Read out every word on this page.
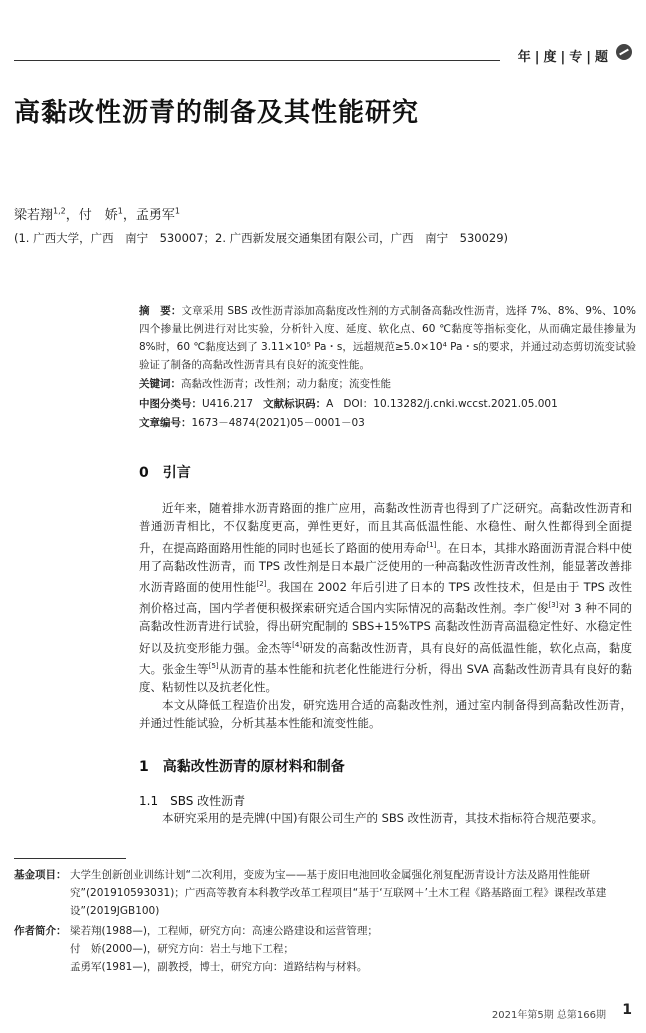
年 | 度 | 专 | 题
高黏改性沥青的制备及其性能研究
梁若翔$^{1,2}$，付　娇$^1$，孟勇军$^1$
(1. 广西大学，广西　南宁　530007；2. 广西新发展交通集团有限公司，广西　南宁　530029)
摘　要：文章采用 SBS 改性沥青添加高黏度改性剂的方式制备高黏改性沥青，选择 7%、8%、9%、10%四个掺量比例进行对比实验，分析针入度、延度、软化点、60 ℃黏度等指标变化，从而确定最佳掺量为 8%时，60 ℃黏度达到了 3.11×10⁵ Pa・s，远超规范≥5.0×10⁴ Pa・s的要求，并通过动态剪切流变试验验证了制备的高黏改性沥青具有良好的流变性能。
关键词：高黏改性沥青；改性剂；动力黏度；流变性能
中图分类号：U416.217 文献标识码：A DOI：10.13282/j.cnki.wccst.2021.05.001
文章编号：1673－4874(2021)05－0001－03
0　引言

近年来，随着排水沥青路面的推广应用，高黏改性沥青也得到了广泛研究。高黏改性沥青和普通沥青相比，不仅黏度更高，弹性更好，而且其高低温性能、水稳性、耐久性都得到全面提升，在提高路面路用性能的同时也延长了路面的使用寿命[1]。在日本，其排水路面沥青混合料中使用了高黏改性沥青，而 TPS 改性剂是日本最广泛使用的一种高黏改性沥青改性剂，能显著改善排水沥青路面的使用性能[2]。我国在 2002 年后引进了日本的 TPS 改性技术，但是由于 TPS 改性剂价格过高，国内学者便积极探索研究适合国内实际情况的高黏改性剂。李广俊[3]对 3 种不同的高黏改性沥青进行试验，得出研究配制的 SBS+15%TPS 高黏改性沥青高温稳定性好、水稳定性好以及抗变形能力强。金杰等[4]研发的高黏改性沥青，具有良好的高低温性能，软化点高，黏度大。张金生等[5]从沥青的基本性能和抗老化性能进行分析，得出 SVA 高黏改性沥青具有良好的黏度、粘韧性以及抗老化性。

本文从降低工程造价出发，研究选用合适的高黏改性剂，通过室内制备得到高黏改性沥青，并通过性能试验，分析其基本性能和流变性能。

1　高黏改性沥青的原材料和制备
1.1　SBS 改性沥青

本研究采用的是壳牌(中国)有限公司生产的 SBS 改性沥青，其技术指标符合规范要求。

基金项目： 大学生创新创业训练计划“二次利用，变废为宝——基于废旧电池回收金属强化剂复配沥青设计方法及路用性能研究”(201910593031)；广西高等教育本科教学改革工程项目“基于‘互联网＋’土木工程《路基路面工程》课程改革建设”(2019JGB100)
作者简介： 梁若翔(1988—)，工程师，研究方向：高速公路建设和运营管理；
付　娇(2000—)，研究方向：岩土与地下工程；
孟勇军(1981—)，副教授，博士，研究方向：道路结构与材料。
2021年第5期 总第166期 1
